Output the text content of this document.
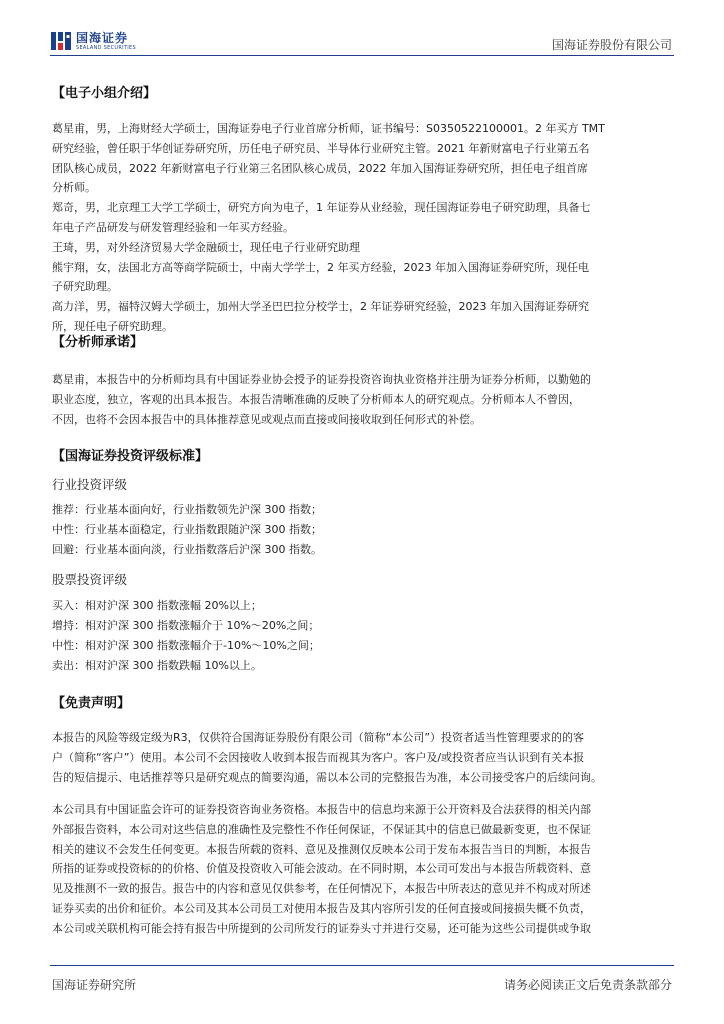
国海证券
SEALAND SECURITIES	国海证券股份有限公司
【电子小组介绍】

葛星甫，男，上海财经大学硕士，国海证券电子行业首席分析师，证书编号：S0350522100001。2 年买方 TMT

研究经验，曾任职于华创证券研究所，历任电子研究员、半导体行业研究主管。2021 年新财富电子行业第五名

团队核心成员，2022 年新财富电子行业第三名团队核心成员，2022 年加入国海证券研究所，担任电子组首席

分析师。

郑奇，男，北京理工大学工学硕士，研究方向为电子，1 年证券从业经验，现任国海证券电子研究助理，具备七

年电子产品研发与研发管理经验和一年买方经验。

王琦，男，对外经济贸易大学金融硕士，现任电子行业研究助理

熊宇翔，女，法国北方高等商学院硕士，中南大学学士，2 年买方经验，2023 年加入国海证券研究所，现任电

子研究助理。

高力洋，男，福特汉姆大学硕士，加州大学圣巴巴拉分校学士，2 年证券研究经验，2023 年加入国海证券研究

所，现任电子研究助理。

【分析师承诺】

葛星甫，本报告中的分析师均具有中国证券业协会授予的证券投资咨询执业资格并注册为证券分析师，以勤勉的

职业态度，独立，客观的出具本报告。本报告清晰准确的反映了分析师本人的研究观点。分析师本人不曾因，

不因，也将不会因本报告中的具体推荐意见或观点而直接或间接收取到任何形式的补偿。

【国海证券投资评级标准】
行业投资评级
推荐：行业基本面向好，行业指数领先沪深 300 指数；
中性：行业基本面稳定，行业指数跟随沪深 300 指数；
回避：行业基本面向淡，行业指数落后沪深 300 指数。
股票投资评级
买入：相对沪深 300 指数涨幅 20%以上；
增持：相对沪深 300 指数涨幅介于 10%～20%之间；
中性：相对沪深 300 指数涨幅介于-10%～10%之间；
卖出：相对沪深 300 指数跌幅 10%以上。
【免责声明】

本报告的风险等级定级为R3，仅供符合国海证券股份有限公司（简称“本公司”）投资者适当性管理要求的的客

户（简称“客户”）使用。本公司不会因接收人收到本报告而视其为客户。客户及/或投资者应当认识到有关本报

告的短信提示、电话推荐等只是研究观点的简要沟通，需以本公司的完整报告为准，本公司接受客户的后续问询。

本公司具有中国证监会许可的证券投资咨询业务资格。本报告中的信息均来源于公开资料及合法获得的相关内部

外部报告资料，本公司对这些信息的准确性及完整性不作任何保证，不保证其中的信息已做最新变更，也不保证

相关的建议不会发生任何变更。本报告所载的资料、意见及推测仅反映本公司于发布本报告当日的判断，本报告

所指的证券或投资标的的价格、价值及投资收入可能会波动。在不同时期，本公司可发出与本报告所载资料、意

见及推测不一致的报告。报告中的内容和意见仅供参考，在任何情况下，本报告中所表达的意见并不构成对所述

证券买卖的出价和征价。本公司及其本公司员工对使用本报告及其内容所引发的任何直接或间接损失概不负责，

本公司或关联机构可能会持有报告中所提到的公司所发行的证券头寸并进行交易，还可能为这些公司提供或争取

国海证券研究所	请务必阅读正文后免责条款部分
